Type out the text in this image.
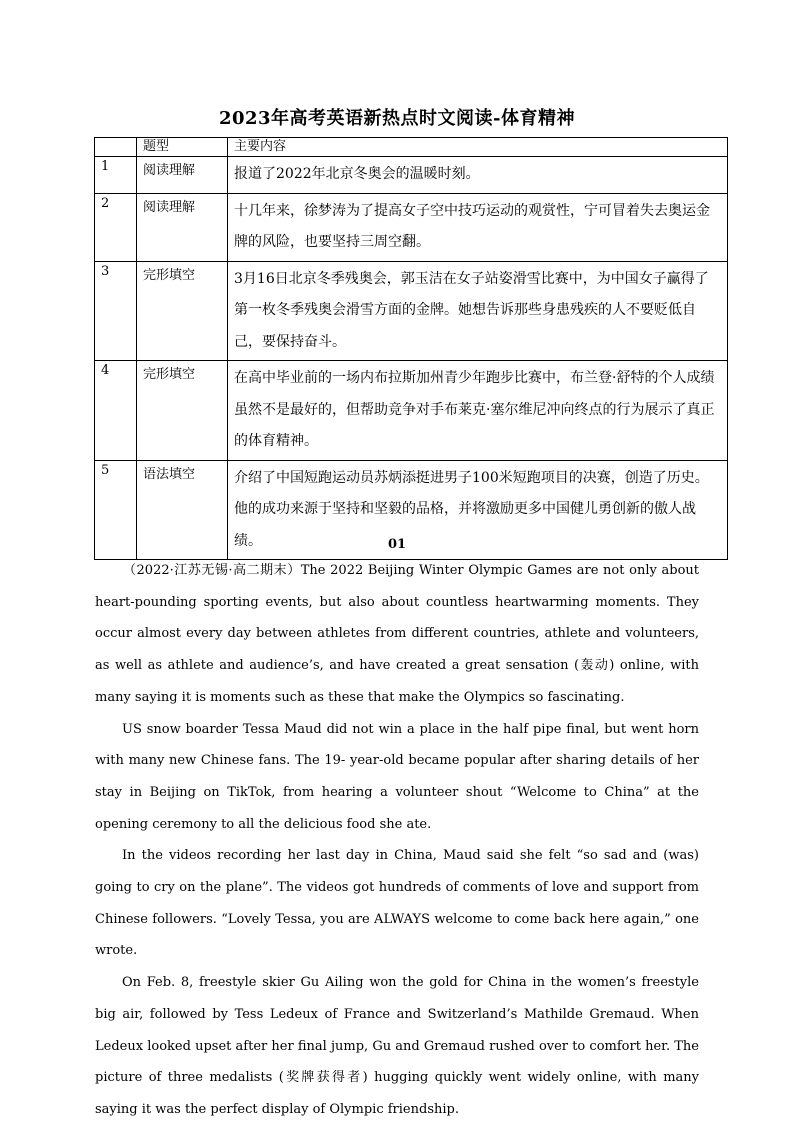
2023年高考英语新热点时文阅读-体育精神
	题型	主要内容
1	阅读理解	报道了2022年北京冬奥会的温暖时刻。
2	阅读理解	十几年来，徐梦涛为了提高女子空中技巧运动的观赏性，宁可冒着失去奥运金牌的风险，也要坚持三周空翻。
3	完形填空	3月16日北京冬季残奥会，郭玉洁在女子站姿滑雪比赛中，为中国女子赢得了第一枚冬季残奥会滑雪方面的金牌。她想告诉那些身患残疾的人不要贬低自己，要保持奋斗。
4	完形填空	在高中毕业前的一场内布拉斯加州青少年跑步比赛中，布兰登·舒特的个人成绩虽然不是最好的，但帮助竞争对手布莱克·塞尔维尼冲向终点的行为展示了真正的体育精神。
5	语法填空	介绍了中国短跑运动员苏炳添挺进男子100米短跑项目的决赛，创造了历史。他的成功来源于坚持和坚毅的品格，并将激励更多中国健儿勇创新的傲人战绩。	01

（2022·江苏无锡·高二期末）The 2022 Beijing Winter Olympic Games are not only about heart-pounding sporting events, but also about countless heartwarming moments. They occur almost every day between athletes from different countries, athlete and volunteers, as well as athlete and audience’s, and have created a great sensation (轰动) online, with many saying it is moments such as these that make the Olympics so fascinating.

US snow boarder Tessa Maud did not win a place in the half pipe final, but went horn with many new Chinese fans. The 19- year-old became popular after sharing details of her stay in Beijing on TikTok, from hearing a volunteer shout “Welcome to China” at the opening ceremony to all the delicious food she ate.

In the videos recording her last day in China, Maud said she felt “so sad and (was) going to cry on the plane”. The videos got hundreds of comments of love and support from Chinese followers. “Lovely Tessa, you are ALWAYS welcome to come back here again,” one wrote.

On Feb. 8, freestyle skier Gu Ailing won the gold for China in the women’s freestyle big air, followed by Tess Ledeux of France and Switzerland’s Mathilde Gremaud. When Ledeux looked upset after her final jump, Gu and Gremaud rushed over to comfort her. The picture of three medalists (奖牌获得者) hugging quickly went widely online, with many saying it was the perfect display of Olympic friendship.
